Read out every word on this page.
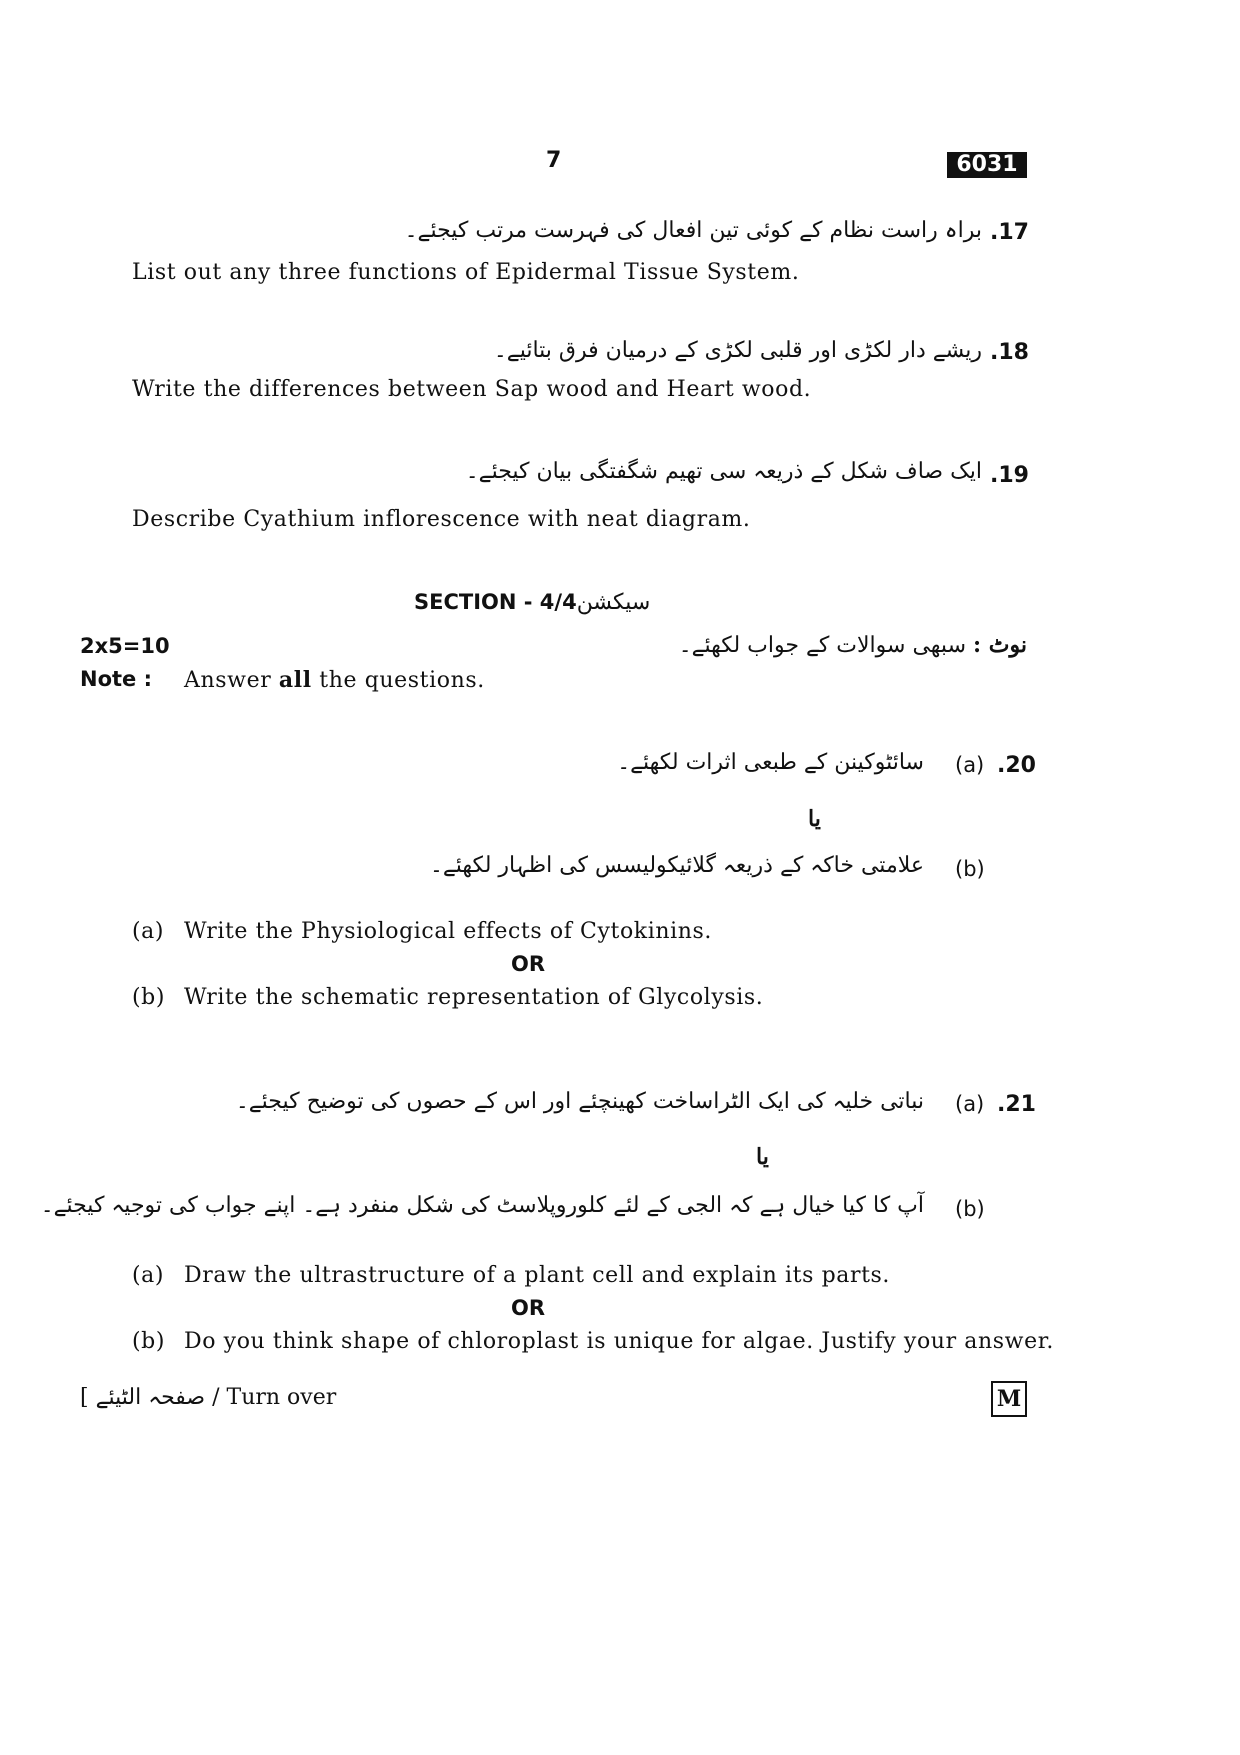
7	6031
.17
براہ راست نظام کے کوئی تین افعال کی فہرست مرتب کیجئے۔
List out any three functions of Epidermal Tissue System.
.18
ریشے دار لکڑی اور قلبی لکڑی کے درمیان فرق بتائیے۔
Write the differences between Sap wood and Heart wood.
.19
ایک صاف شکل کے ذریعہ سی تھیم شگفتگی بیان کیجئے۔
Describe Cyathium inflorescence with neat diagram.
SECTION - 4/4سیکشن
2x5=10	نوٹ : سبھی سوالات کے جواب لکھئے۔
Note : Answer all the questions.
.20
(a)
سائٹوکینن کے طبعی اثرات لکھئے۔
یا
(b)
علامتی خاکہ کے ذریعہ گلائیکولیسس کی اظہار لکھئے۔
(a) Write the Physiological effects of Cytokinins.
OR
(b) Write the schematic representation of Glycolysis.
.21
(a)
نباتی خلیہ کی ایک الٹراساخت کھینچئے اور اس کے حصوں کی توضیح کیجئے۔
یا
(b)
آپ کا کیا خیال ہے کہ الجی کے لئے کلوروپلاسٹ کی شکل منفرد ہے۔ اپنے جواب کی توجیہ کیجئے۔
(a) Draw the ultrastructure of a plant cell and explain its parts.
OR
(b) Do you think shape of chloroplast is unique for algae. Justify your answer.
[ صفحہ الٹیئے / Turn over	M
